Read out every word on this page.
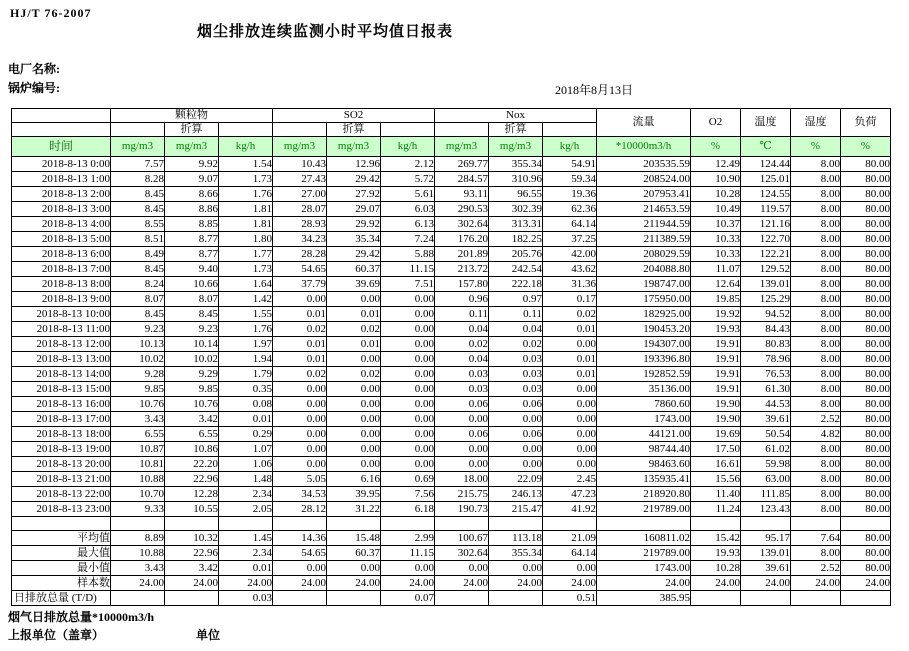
HJ/T 76-2007
烟尘排放连续监测小时平均值日报表
电厂名称:
锅炉编号:	2018年8月13日
	颗粒物			SO2			Nox			流量	O2	温度	湿度	负荷
		折算			折算			折算						
时间	mg/m3	mg/m3	kg/h	mg/m3	mg/m3	kg/h	mg/m3	mg/m3	kg/h	*10000m3/h	%	℃	%	%
2018-8-13 0:00	7.57	9.92	1.54	10.43	12.96	2.12	269.77	355.34	54.91	203535.59	12.49	124.44	8.00	80.00
2018-8-13 1:00	8.28	9.07	1.73	27.43	29.42	5.72	284.57	310.96	59.34	208524.00	10.90	125.01	8.00	80.00
2018-8-13 2:00	8.45	8.66	1.76	27.00	27.92	5.61	93.11	96.55	19.36	207953.41	10.28	124.55	8.00	80.00
2018-8-13 3:00	8.45	8.86	1.81	28.07	29.07	6.03	290.53	302.39	62.36	214653.59	10.49	119.57	8.00	80.00
2018-8-13 4:00	8.55	8.85	1.81	28.93	29.92	6.13	302.64	313.31	64.14	211944.59	10.37	121.16	8.00	80.00
2018-8-13 5:00	8.51	8.77	1.80	34.23	35.34	7.24	176.20	182.25	37.25	211389.59	10.33	122.70	8.00	80.00
2018-8-13 6:00	8.49	8.77	1.77	28.28	29.42	5.88	201.89	205.76	42.00	208029.59	10.33	122.21	8.00	80.00
2018-8-13 7:00	8.45	9.40	1.73	54.65	60.37	11.15	213.72	242.54	43.62	204088.80	11.07	129.52	8.00	80.00
2018-8-13 8:00	8.24	10.66	1.64	37.79	39.69	7.51	157.80	222.18	31.36	198747.00	12.64	139.01	8.00	80.00
2018-8-13 9:00	8.07	8.07	1.42	0.00	0.00	0.00	0.96	0.97	0.17	175950.00	19.85	125.29	8.00	80.00
2018-8-13 10:00	8.45	8.45	1.55	0.01	0.01	0.00	0.11	0.11	0.02	182925.00	19.92	94.52	8.00	80.00
2018-8-13 11:00	9.23	9.23	1.76	0.02	0.02	0.00	0.04	0.04	0.01	190453.20	19.93	84.43	8.00	80.00
2018-8-13 12:00	10.13	10.14	1.97	0.01	0.01	0.00	0.02	0.02	0.00	194307.00	19.91	80.83	8.00	80.00
2018-8-13 13:00	10.02	10.02	1.94	0.01	0.00	0.00	0.04	0.03	0.01	193396.80	19.91	78.96	8.00	80.00
2018-8-13 14:00	9.28	9.29	1.79	0.02	0.02	0.00	0.03	0.03	0.01	192852.59	19.91	76.53	8.00	80.00
2018-8-13 15:00	9.85	9.85	0.35	0.00	0.00	0.00	0.03	0.03	0.00	35136.00	19.91	61.30	8.00	80.00
2018-8-13 16:00	10.76	10.76	0.08	0.00	0.00	0.00	0.06	0.06	0.00	7860.60	19.90	44.53	8.00	80.00
2018-8-13 17:00	3.43	3.42	0.01	0.00	0.00	0.00	0.00	0.00	0.00	1743.00	19.90	39.61	2.52	80.00
2018-8-13 18:00	6.55	6.55	0.29	0.00	0.00	0.00	0.06	0.06	0.00	44121.00	19.69	50.54	4.82	80.00
2018-8-13 19:00	10.87	10.86	1.07	0.00	0.00	0.00	0.00	0.00	0.00	98744.40	17.50	61.02	8.00	80.00
2018-8-13 20:00	10.81	22.20	1.06	0.00	0.00	0.00	0.00	0.00	0.00	98463.60	16.61	59.98	8.00	80.00
2018-8-13 21:00	10.88	22.96	1.48	5.05	6.16	0.69	18.00	22.09	2.45	135935.41	15.56	63.00	8.00	80.00
2018-8-13 22:00	10.70	12.28	2.34	34.53	39.95	7.56	215.75	246.13	47.23	218920.80	11.40	111.85	8.00	80.00
2018-8-13 23:00	9.33	10.55	2.05	28.12	31.22	6.18	190.73	215.47	41.92	219789.00	11.24	123.43	8.00	80.00

平均值	8.89	10.32	1.45	14.36	15.48	2.99	100.67	113.18	21.09	160811.02	15.42	95.17	7.64	80.00
最大值	10.88	22.96	2.34	54.65	60.37	11.15	302.64	355.34	64.14	219789.00	19.93	139.01	8.00	80.00
最小值	3.43	3.42	0.01	0.00	0.00	0.00	0.00	0.00	0.00	1743.00	10.28	39.61	2.52	80.00
样本数	24.00	24.00	24.00	24.00	24.00	24.00	24.00	24.00	24.00	24.00	24.00	24.00	24.00	24.00
日排放总量 (T/D)			0.03			0.07			0.51	385.95				
烟气日排放总量*10000m3/h
上报单位（盖章）	单位
